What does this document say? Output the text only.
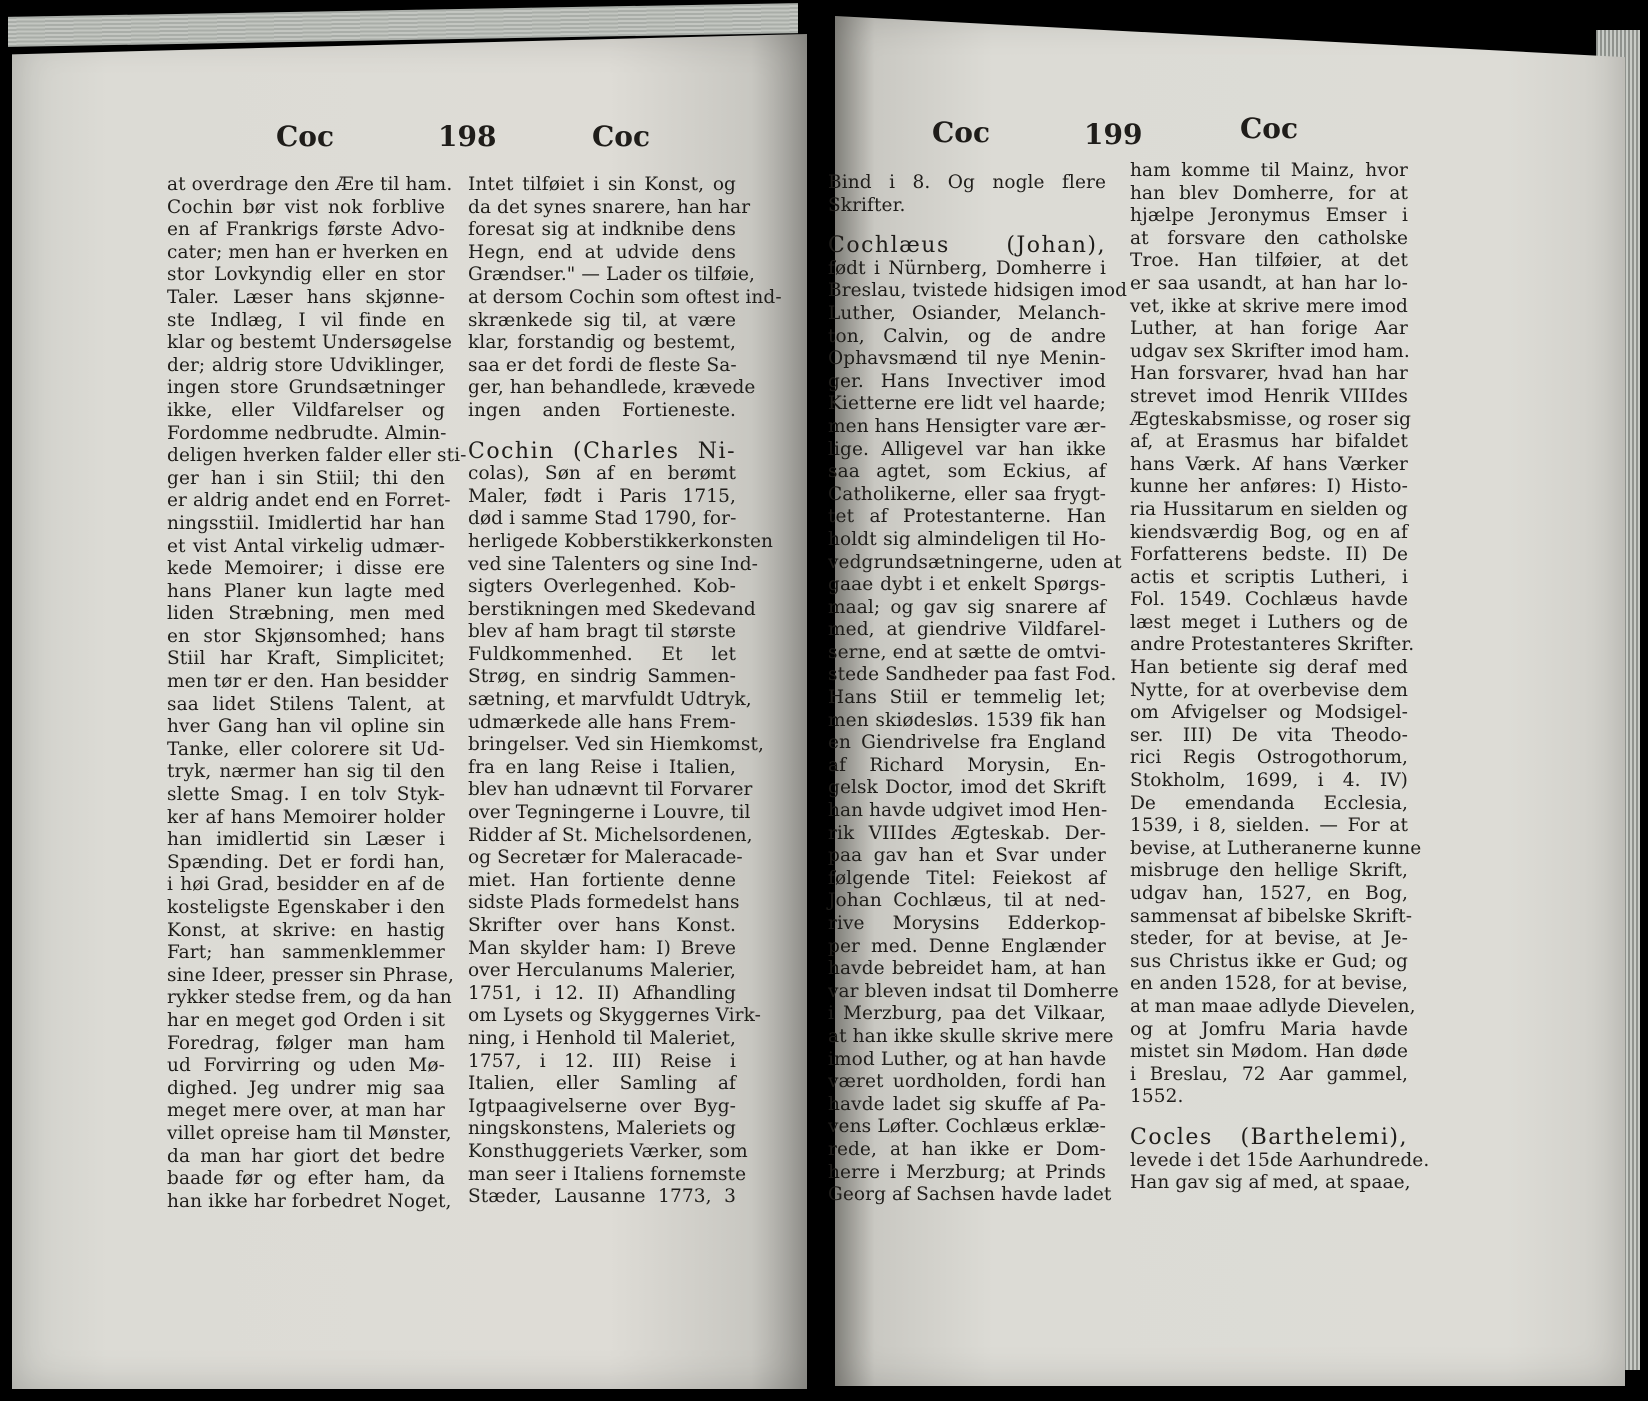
Coc	198	Coc
at overdrage den Ære til ham.
Cochin bør vist nok forblive
en af Frankrigs første Advo-
cater; men han er hverken en
stor Lovkyndig eller en stor
Taler. Læser hans skjønne-
ste Indlæg, I vil finde en
klar og bestemt Undersøgelse
der; aldrig store Udviklinger,
ingen store Grundsætninger
ikke, eller Vildfarelser og
Fordomme nedbrudte. Almin-
deligen hverken falder eller sti-
ger han i sin Stiil; thi den
er aldrig andet end en Forret-
ningsstiil. Imidlertid har han
et vist Antal virkelig udmær-
kede Memoirer; i disse ere
hans Planer kun lagte med
liden Stræbning, men med
en stor Skjønsomhed; hans
Stiil har Kraft, Simplicitet;
men tør er den. Han besidder
saa lidet Stilens Talent, at
hver Gang han vil opline sin
Tanke, eller colorere sit Ud-
tryk, nærmer han sig til den
slette Smag. I en tolv Styk-
ker af hans Memoirer holder
han imidlertid sin Læser i
Spænding. Det er fordi han,
i høi Grad, besidder en af de
kosteligste Egenskaber i den
Konst, at skrive: en hastig
Fart; han sammenklemmer
sine Ideer, presser sin Phrase,
rykker stedse frem, og da han
har en meget god Orden i sit
Foredrag, følger man ham
ud Forvirring og uden Mø-
dighed. Jeg undrer mig saa
meget mere over, at man har
villet opreise ham til Mønster,
da man har giort det bedre
baade før og efter ham, da
han ikke har forbedret Noget,
Intet tilføiet i sin Konst, og
da det synes snarere, han har
foresat sig at indknibe dens
Hegn, end at udvide dens
Grændser." — Lader os tilføie,
at dersom Cochin som oftest ind-
skrænkede sig til, at være
klar, forstandig og bestemt,
saa er det fordi de fleste Sa-
ger, han behandlede, krævede
ingen anden Fortieneste.
Cochin (Charles Ni-
colas), Søn af en berømt
Maler, født i Paris 1715,
død i samme Stad 1790, for-
herligede Kobberstikkerkonsten
ved sine Talenters og sine Ind-
sigters Overlegenhed. Kob-
berstikningen med Skedevand
blev af ham bragt til største
Fuldkommenhed. Et let
Strøg, en sindrig Sammen-
sætning, et marvfuldt Udtryk,
udmærkede alle hans Frem-
bringelser. Ved sin Hiemkomst,
fra en lang Reise i Italien,
blev han udnævnt til Forvarer
over Tegningerne i Louvre, til
Ridder af St. Michelsordenen,
og Secretær for Maleracade-
miet. Han fortiente denne
sidste Plads formedelst hans
Skrifter over hans Konst.
Man skylder ham: I) Breve
over Herculanums Malerier,
1751, i 12. II) Afhandling
om Lysets og Skyggernes Virk-
ning, i Henhold til Maleriet,
1757, i 12. III) Reise i
Italien, eller Samling af
Igtpaagivelserne over Byg-
ningskonstens, Maleriets og
Konsthuggeriets Værker, som
man seer i Italiens fornemste
Stæder, Lausanne 1773, 3
Coc	199	Coc
Bind i 8. Og nogle flere
Skrifter.
Cochlæus (Johan),
født i Nürnberg, Domherre i
Breslau, tvistede hidsigen imod
Luther, Osiander, Melanch-
ton, Calvin, og de andre
Ophavsmænd til nye Menin-
ger. Hans Invectiver imod
Kietterne ere lidt vel haarde;
men hans Hensigter vare ær-
lige. Alligevel var han ikke
saa agtet, som Eckius, af
Catholikerne, eller saa frygt-
tet af Protestanterne. Han
holdt sig almindeligen til Ho-
vedgrundsætningerne, uden at
gaae dybt i et enkelt Spørgs-
maal; og gav sig snarere af
med, at giendrive Vildfarel-
serne, end at sætte de omtvi-
stede Sandheder paa fast Fod.
Hans Stiil er temmelig let;
men skiødesløs. 1539 fik han
en Giendrivelse fra England
af Richard Morysin, En-
gelsk Doctor, imod det Skrift
han havde udgivet imod Hen-
rik VIIIdes Ægteskab. Der-
paa gav han et Svar under
følgende Titel: Feiekost af
Johan Cochlæus, til at ned-
rive Morysins Edderkop-
per med. Denne Englænder
havde bebreidet ham, at han
var bleven indsat til Domherre
i Merzburg, paa det Vilkaar,
at han ikke skulle skrive mere
imod Luther, og at han havde
været uordholden, fordi han
havde ladet sig skuffe af Pa-
vens Løfter. Cochlæus erklæ-
rede, at han ikke er Dom-
herre i Merzburg; at Prinds
Georg af Sachsen havde ladet
ham komme til Mainz, hvor
han blev Domherre, for at
hjælpe Jeronymus Emser i
at forsvare den catholske
Troe. Han tilføier, at det
er saa usandt, at han har lo-
vet, ikke at skrive mere imod
Luther, at han forige Aar
udgav sex Skrifter imod ham.
Han forsvarer, hvad han har
strevet imod Henrik VIIIdes
Ægteskabsmisse, og roser sig
af, at Erasmus har bifaldet
hans Værk. Af hans Værker
kunne her anføres: I) Histo-
ria Hussitarum en sielden og
kiendsværdig Bog, og en af
Forfatterens bedste. II) De
actis et scriptis Lutheri, i
Fol. 1549. Cochlæus havde
læst meget i Luthers og de
andre Protestanteres Skrifter.
Han betiente sig deraf med
Nytte, for at overbevise dem
om Afvigelser og Modsigel-
ser. III) De vita Theodo-
rici Regis Ostrogothorum,
Stokholm, 1699, i 4. IV)
De emendanda Ecclesia,
1539, i 8, sielden. — For at
bevise, at Lutheranerne kunne
misbruge den hellige Skrift,
udgav han, 1527, en Bog,
sammensat af bibelske Skrift-
steder, for at bevise, at Je-
sus Christus ikke er Gud; og
en anden 1528, for at bevise,
at man maae adlyde Dievelen,
og at Jomfru Maria havde
mistet sin Mødom. Han døde
i Breslau, 72 Aar gammel,
1552.
Cocles (Barthelemi),
levede i det 15de Aarhundrede.
Han gav sig af med, at spaae,
